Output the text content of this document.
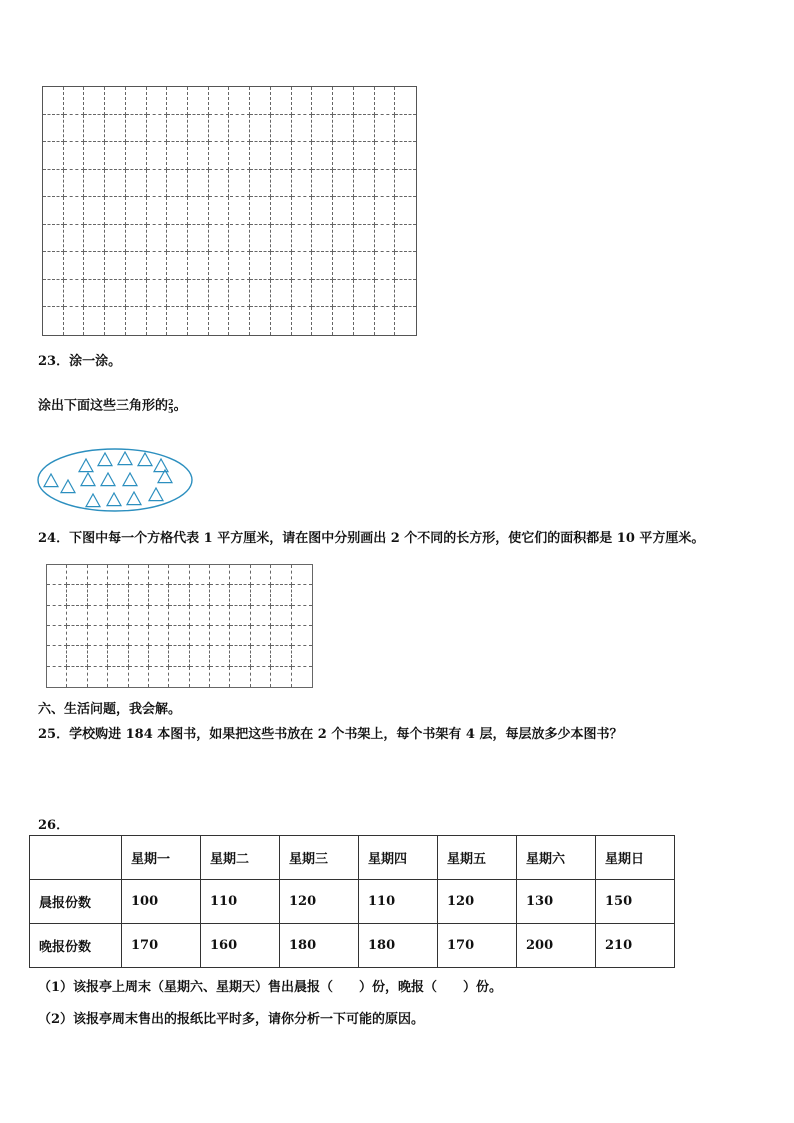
23．涂一涂。
涂出下面这些三角形的 2
5 。
24．下图中每一个方格代表 1 平方厘米，请在图中分别画出 2 个不同的长方形，使它们的面积都是 10 平方厘米。
六、生活问题，我会解。
25．学校购进 184 本图书，如果把这些书放在 2 个书架上，每个书架有 4 层，每层放多少本图书？
26．
	星期一	星期二	星期三	星期四	星期五	星期六	星期日
晨报份数	100	110	120	110	120	130	150
晚报份数	170	160	180	180	170	200	210
（1）该报亭上周末（星期六、星期天）售出晨报（　　）份，晚报（　　）份。
（2）该报亭周末售出的报纸比平时多，请你分析一下可能的原因。
